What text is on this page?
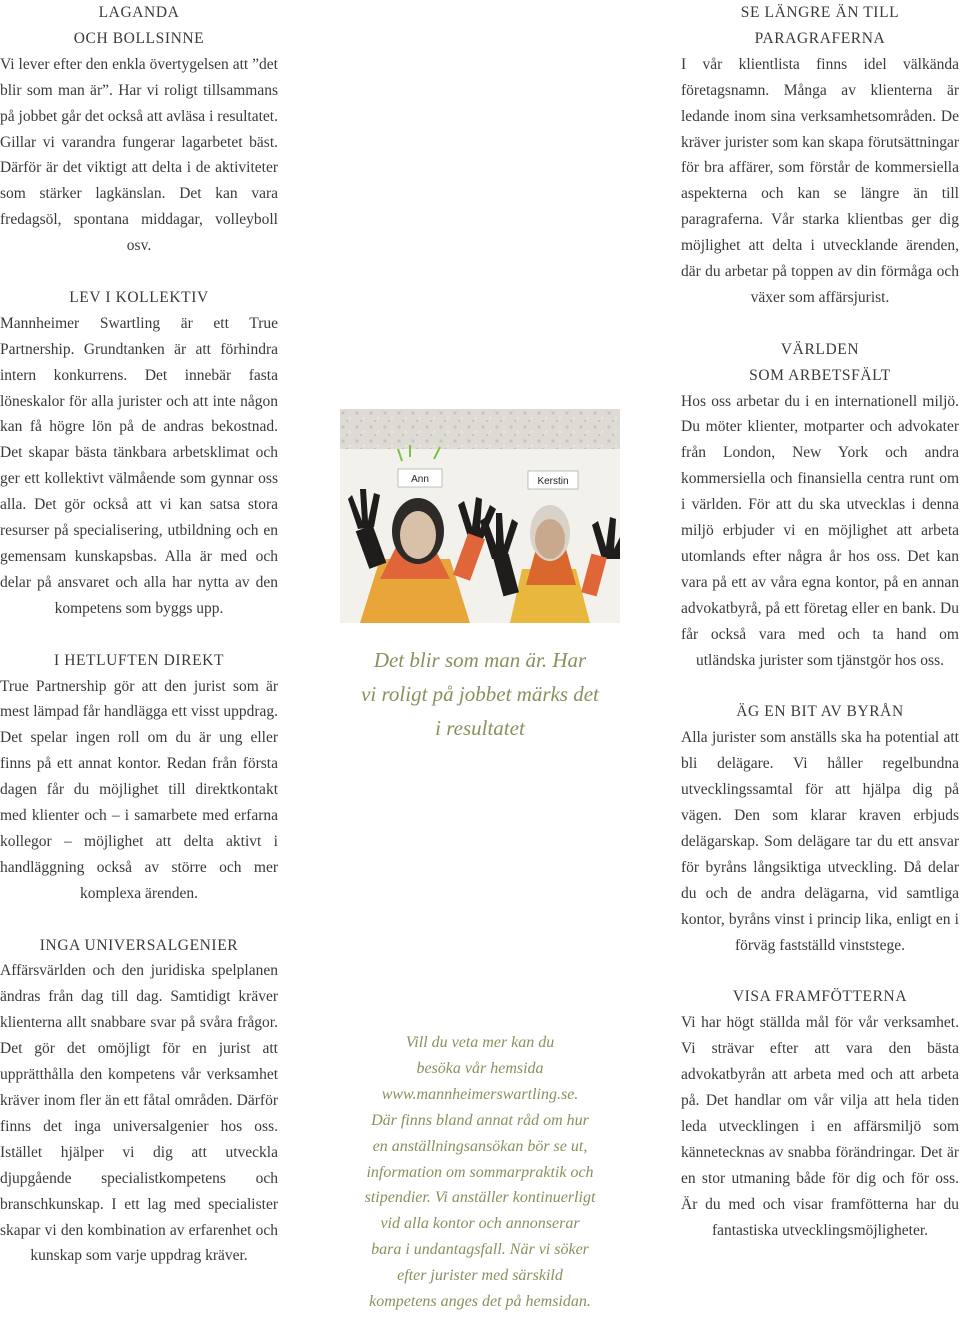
LAGANDA
OCH BOLLSINNE
Vi lever efter den enkla övertygelsen att ”det blir som man är”. Har vi roligt tillsammans på jobbet går det också att avläsa i resultatet. Gillar vi varandra fungerar lagarbetet bäst. Därför är det viktigt att delta i de aktiviteter som stärker lagkänslan. Det kan vara fredagsöl, spontana middagar, volleyboll osv.
LEV I KOLLEKTIV
Mannheimer Swartling är ett True Partnership. Grundtanken är att förhindra intern konkurrens. Det innebär fasta löneskalor för alla jurister och att inte någon kan få högre lön på de andras bekostnad. Det skapar bästa tänkbara arbetsklimat och ger ett kollektivt välmående som gynnar oss alla. Det gör också att vi kan satsa stora resurser på specialisering, utbildning och en gemensam kunskapsbas. Alla är med och delar på ansvaret och alla har nytta av den kompetens som byggs upp.
I HETLUFTEN DIREKT
True Partnership gör att den jurist som är mest lämpad får handlägga ett visst uppdrag. Det spelar ingen roll om du är ung eller finns på ett annat kontor. Redan från första dagen får du möjlighet till direktkontakt med klienter och – i samarbete med erfarna kollegor – möjlighet att delta aktivt i handläggning också av större och mer komplexa ärenden.
INGA UNIVERSALGENIER
Affärsvärlden och den juridiska spelplanen ändras från dag till dag. Samtidigt kräver klienterna allt snabbare svar på svåra frågor. Det gör det omöjligt för en jurist att upprätthålla den kompetens vår verksamhet kräver inom fler än ett fåtal områden. Därför finns det inga universalgenier hos oss. Istället hjälper vi dig att utveckla djupgående specialistkompetens och branschkunskap. I ett lag med specialister skapar vi den kombination av erfarenhet och kunskap som varje uppdrag kräver.
Ann	Kerstin
Det blir som man är. Har
vi roligt på jobbet märks det
i resultatet
Vill du veta mer kan du
besöka vår hemsida
www.mannheimerswartling.se.
Där finns bland annat råd om hur
en anställningsansökan bör se ut,
information om sommarpraktik och
stipendier. Vi anställer kontinuerligt
vid alla kontor och annonserar
bara i undantagsfall. När vi söker
efter jurister med särskild
kompetens anges det på hemsidan.
SE LÄNGRE ÄN TILL
PARAGRAFERNA
I vår klientlista finns idel välkända företagsnamn. Många av klienterna är ledande inom sina verksamhetsområden. De kräver jurister som kan skapa förutsättningar för bra affärer, som förstår de kommersiella aspekterna och kan se längre än till paragraferna. Vår starka klientbas ger dig möjlighet att delta i utvecklande ärenden, där du arbetar på toppen av din förmåga och växer som affärsjurist.
VÄRLDEN
SOM ARBETSFÄLT
Hos oss arbetar du i en internationell miljö. Du möter klienter, motparter och advokater från London, New York och andra kommersiella och finansiella centra runt om i världen. För att du ska utvecklas i denna miljö erbjuder vi en möjlighet att arbeta utomlands efter några år hos oss. Det kan vara på ett av våra egna kontor, på en annan advokatbyrå, på ett företag eller en bank. Du får också vara med och ta hand om utländska jurister som tjänstgör hos oss.
ÄG EN BIT AV BYRÅN
Alla jurister som anställs ska ha potential att bli delägare. Vi håller regelbundna utvecklingssamtal för att hjälpa dig på vägen. Den som klarar kraven erbjuds delägarskap. Som delägare tar du ett ansvar för byråns långsiktiga utveckling. Då delar du och de andra delägarna, vid samtliga kontor, byråns vinst i princip lika, enligt en i förväg fastställd vinststege.
VISA FRAMFÖTTERNA
Vi har högt ställda mål för vår verksamhet. Vi strävar efter att vara den bästa advokatbyrån att arbeta med och att arbeta på. Det handlar om vår vilja att hela tiden leda utvecklingen i en affärsmiljö som kännetecknas av snabba förändringar. Det är en stor utmaning både för dig och för oss. Är du med och visar framfötterna har du fantastiska utvecklingsmöjligheter.
